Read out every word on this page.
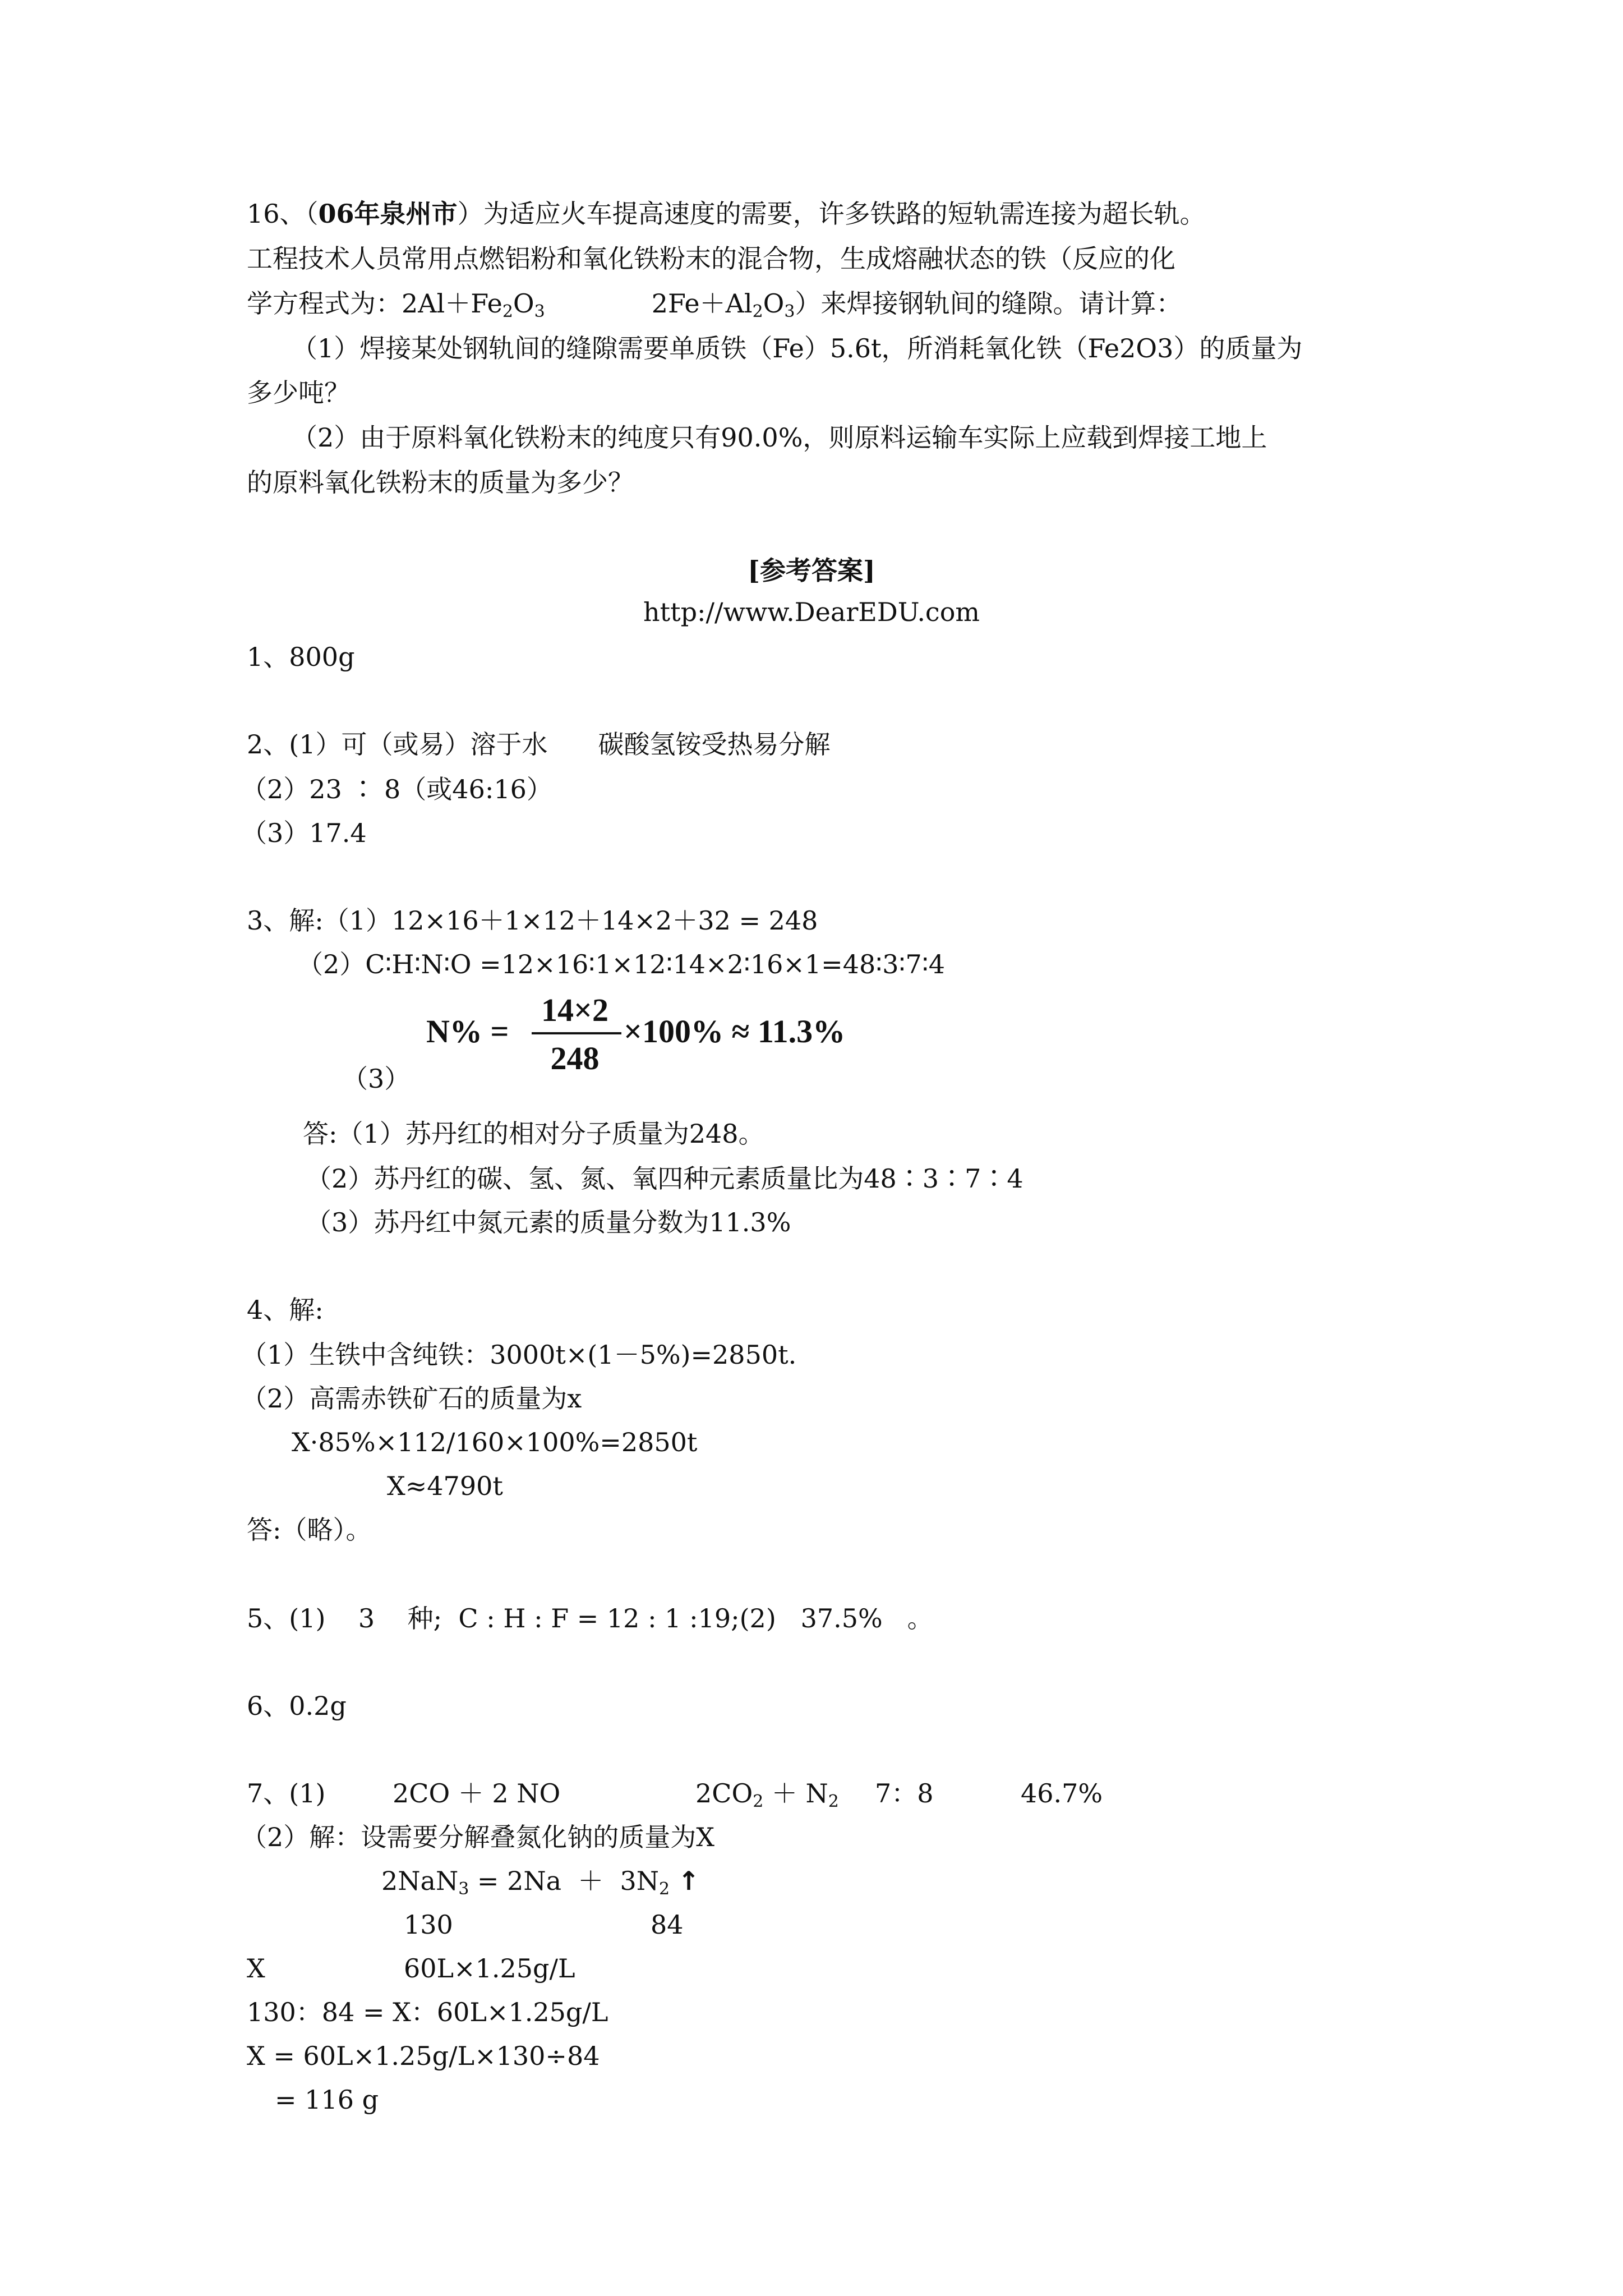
16、（06年泉州市）为适应火车提高速度的需要，许多铁路的短轨需连接为超长轨。
工程技术人员常用点燃铝粉和氧化铁粉末的混合物，生成熔融状态的铁（反应的化
学方程式为：$2Al+Fe_2O_3$	$2Fe+Al_2O_3$）来焊接钢轨间的缝隙。请计算：
（1）焊接某处钢轨间的缝隙需要单质铁（Fe）5.6t，所消耗氧化铁（Fe2O3）的质量为
多少吨？
（2）由于原料氧化铁粉末的纯度只有90.0%，则原料运输车实际上应载到焊接工地上
的原料氧化铁粉末的质量为多少？
[参考答案]
http://www.DearEDU.com
1、800g
2、(1）可（或易）溶于水 碳酸氢铵受热易分解
（2）23 ∶ 8（或46:16）
（3）17.4
3、解:（1）12×16＋1×12＋14×2＋32 = 248
（2）C∶H∶N∶O =12×16∶1×12∶14×2∶16×1=48∶3∶7∶4
（3）
N% =
14×2
248
×100% ≈ 11.3%
答:（1）苏丹红的相对分子质量为248。
（2）苏丹红的碳、氢、氮、氧四种元素质量比为48∶3∶7∶4
（3）苏丹红中氮元素的质量分数为11.3%
4、解:
（1）生铁中含纯铁：3000t×(1－5%)=2850t.
（2）高需赤铁矿石的质量为x
X·85%×112/160×100%=2850t
X≈4790t
答:（略）。
5、(1)    3    种;  C : H : F = 12 : 1 :19;(2)   37.5%   。
6、0.2g
7、(1)	2CO ＋ 2 NO	$2CO_2 + N_2$ 7：8	46.7%
（2）解：设需要分解叠氮化钠的质量为X
$2NaN_3 = 2Na + 3N_2$ ↑
130	84
X	60L×1.25g/L
130：84 = X：60L×1.25g/L
X = 60L×1.25g/L×130÷84
= 116 g
